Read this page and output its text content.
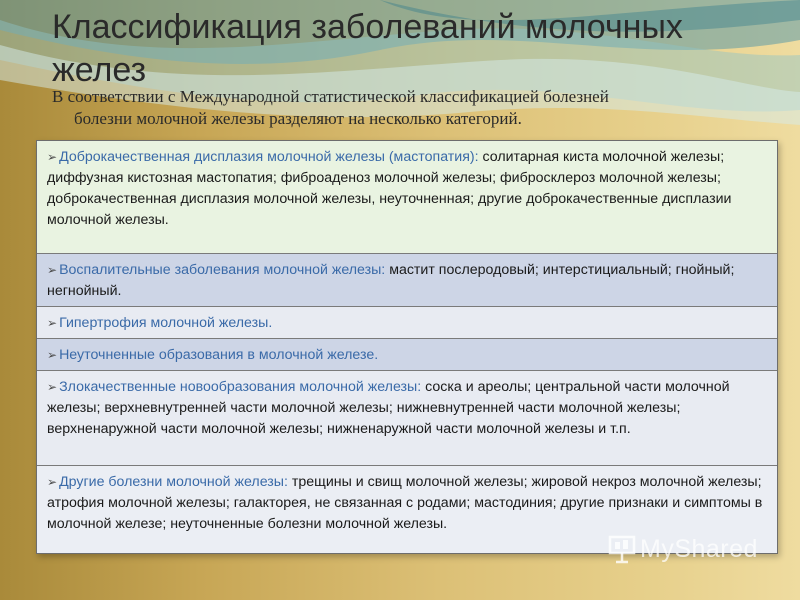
Классификация заболеваний молочных желез
В соответствии с Международной статистической классификацией болезней
болезни молочной железы разделяют на несколько категорий.
➢ Доброкачественная дисплазия молочной железы (мастопатия): солитарная киста молочной железы; диффузная кистозная мастопатия; фиброаденоз молочной железы; фибросклероз молочной железы; доброкачественная дисплазия молочной железы, неуточненная; другие доброкачественные дисплазии молочной железы.
➢ Воспалительные заболевания молочной железы: мастит послеродовый; интерстициальный; гнойный; негнойный.
➢ Гипертрофия молочной железы.
➢ Неуточненные образования в молочной железе.
➢ Злокачественные новообразования молочной железы: соска и ареолы; центральной части молочной железы; верхневнутренней части молочной железы; нижневнутренней части молочной железы; верхненаружной части молочной железы; нижненаружной части молочной железы и т.п.
➢ Другие болезни молочной железы: трещины и свищ молочной железы; жировой некроз молочной железы; атрофия молочной железы; галакторея, не связанная с родами; мастодиния; другие признаки и симптомы в молочной железе; неуточненные болезни молочной железы.
MyShared
